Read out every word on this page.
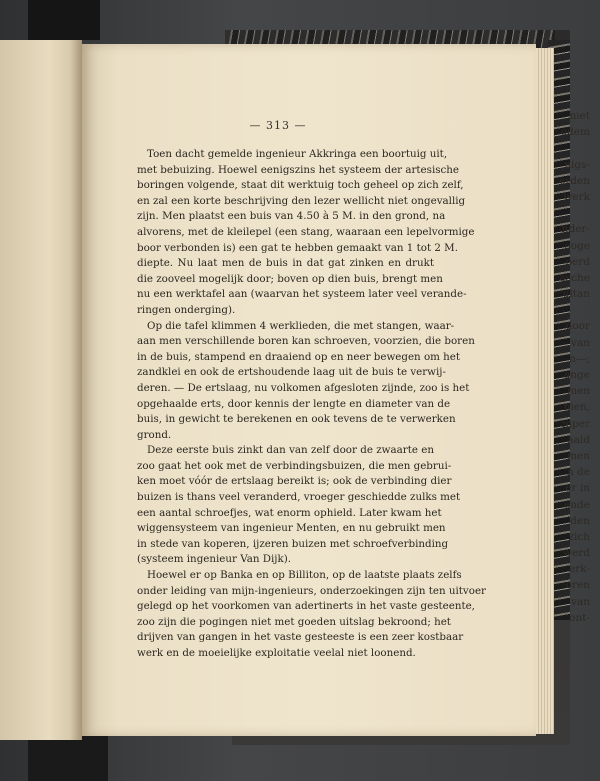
niet
odem
nigs-
erden
werk
nder-
ooge
oerd
asche
ultan
door
van
n—;
ange
men
nien,
mper
aald
men
n de
er in
ende
den
zich
werd
erk-
oren
van
ont-
— 313 —
Toen dacht gemelde ingenieur Akkringa een boortuig uit,
met bebuizing. Hoewel eenigszins het systeem der artesische
boringen volgende, staat dit werktuig toch geheel op zich zelf,
en zal een korte beschrijving den lezer wellicht niet ongevallig
zijn. Men plaatst een buis van 4.50 à 5 M. in den grond, na
alvorens, met de kleilepel (een stang, waaraan een lepelvormige
boor verbonden is) een gat te hebben gemaakt van 1 tot 2 M.
diepte. Nu laat men de buis in dat gat zinken en drukt
die zooveel mogelijk door; boven op dien buis, brengt men
nu een werktafel aan (waarvan het systeem later veel verande-
ringen onderging).
Op die tafel klimmen 4 werklieden, die met stangen, waar-
aan men verschillende boren kan schroeven, voorzien, die boren
in de buis, stampend en draaiend op en neer bewegen om het
zandklei en ook de ertshoudende laag uit de buis te verwij-
deren. — De ertslaag, nu volkomen afgesloten zijnde, zoo is het
opgehaalde erts, door kennis der lengte en diameter van de
buis, in gewicht te berekenen en ook tevens de te verwerken
grond.
Deze eerste buis zinkt dan van zelf door de zwaarte en
zoo gaat het ook met de verbindingsbuizen, die men gebrui-
ken moet vóór de ertslaag bereikt is; ook de verbinding dier
buizen is thans veel veranderd, vroeger geschiedde zulks met
een aantal schroefjes, wat enorm ophield. Later kwam het
wiggensysteem van ingenieur Menten, en nu gebruikt men
in stede van koperen, ijzeren buizen met schroefverbinding
(systeem ingenieur Van Dijk).
Hoewel er op Banka en op Billiton, op de laatste plaats zelfs
onder leiding van mijn-ingenieurs, onderzoekingen zijn ten uitvoer
gelegd op het voorkomen van adertinerts in het vaste gesteente,
zoo zijn die pogingen niet met goeden uitslag bekroond; het
drijven van gangen in het vaste gesteeste is een zeer kostbaar
werk en de moeielijke exploitatie veelal niet loonend.
